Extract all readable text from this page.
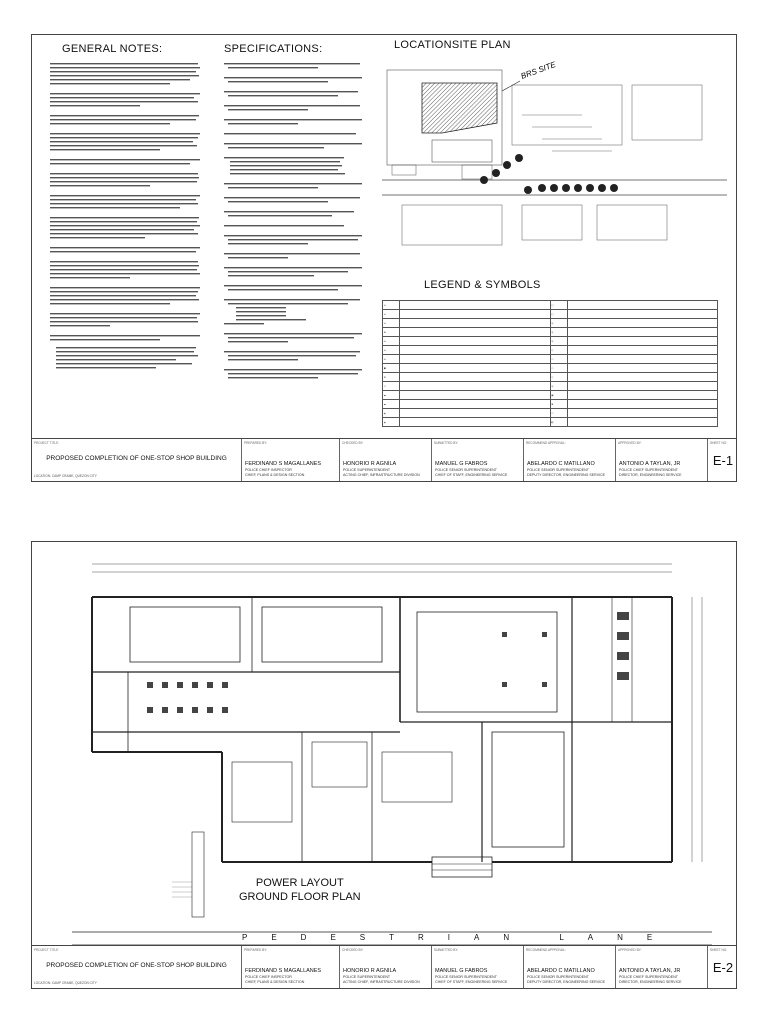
GENERAL NOTES:	SPECIFICATIONS:	LOCATIONSITE PLAN
BRS SITE
LEGEND & SYMBOLS
━		□	
━		□	
━		◎	
⊟		◎	
━		◎	
━		○	
━		▭	
●		▭	
⊡		○	
▭		◎	
▬		▣	
▬		⊞	
▲		▭	
▲		◧	
PROJECT TITLE
PROPOSED COMPLETION OF ONE-STOP SHOP BUILDING
LOCATION: CAMP CRAME, QUEZON CITY
PREPARED BY:
FERDINAND S MAGALLANES
POLICE CHIEF INSPECTOR
CHIEF, PLANS & DESIGN SECTION
CHECKED BY:
HONORIO R AGNILA
POLICE SUPERINTENDENT
ACTING CHIEF, INFRASTRUCTURE DIVISION
SUBMITTED BY:
MANUEL G FABROS
POLICE SENIOR SUPERINTENDENT
CHIEF OF STAFF, ENGINEERING SERVICE
RECOMMEND APPROVAL:
ABELARDO C MATILLANO
POLICE SENIOR SUPERINTENDENT
DEPUTY DIRECTOR, ENGINEERING SERVICE
APPROVED BY:
ANTONIO A TAYLAN, JR
POLICE CHIEF SUPERINTENDENT
DIRECTOR, ENGINEERING SERVICE
SHEET NO.
E-1
POWER LAYOUT
GROUND FLOOR PLAN
PEDESTRIAN LANE
PROJECT TITLE
PROPOSED COMPLETION OF ONE-STOP SHOP BUILDING
LOCATION: CAMP CRAME, QUEZON CITY
PREPARED BY:
FERDINAND S MAGALLANES
POLICE CHIEF INSPECTOR
CHIEF, PLANS & DESIGN SECTION
CHECKED BY:
HONORIO R AGNILA
POLICE SUPERINTENDENT
ACTING CHIEF, INFRASTRUCTURE DIVISION
SUBMITTED BY:
MANUEL G FABROS
POLICE SENIOR SUPERINTENDENT
CHIEF OF STAFF, ENGINEERING SERVICE
RECOMMEND APPROVAL:
ABELARDO C MATILLANO
POLICE SENIOR SUPERINTENDENT
DEPUTY DIRECTOR, ENGINEERING SERVICE
APPROVED BY:
ANTONIO A TAYLAN, JR
POLICE CHIEF SUPERINTENDENT
DIRECTOR, ENGINEERING SERVICE
SHEET NO.
E-2
